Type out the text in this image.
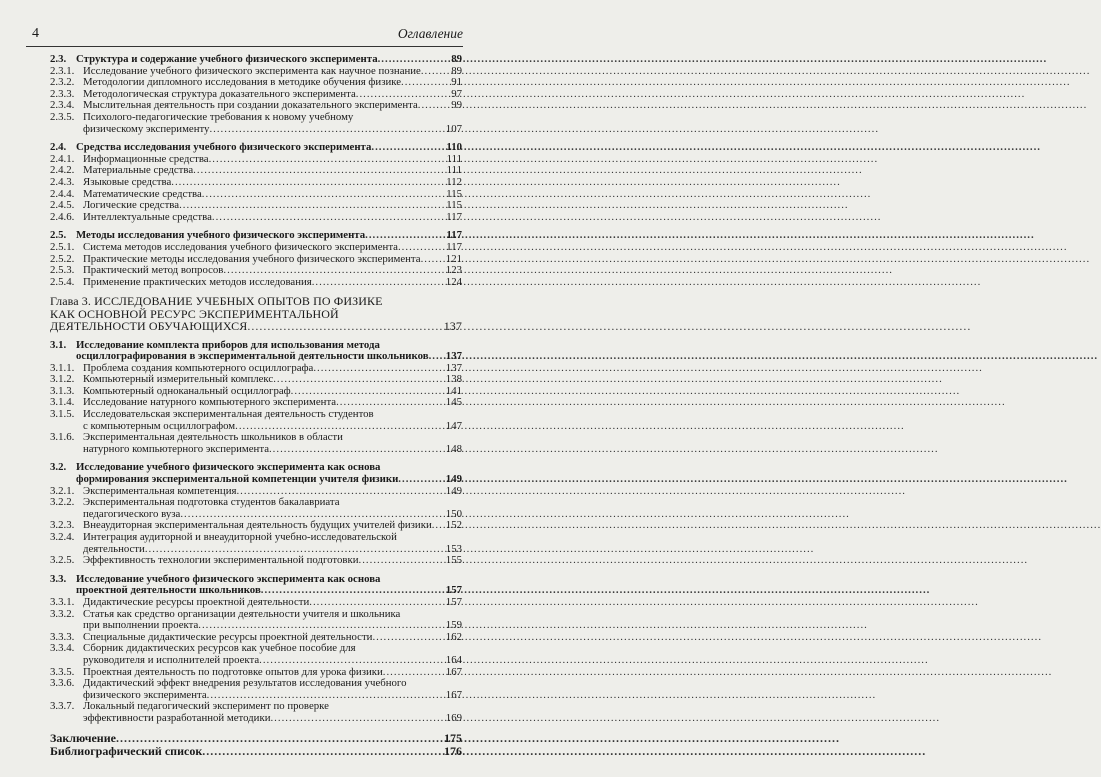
4	Оглавление
2.3. Структура и содержание учебного физического эксперимента .....	89
2.3.1. Исследование учебного физического эксперимента как научное познание .....	89
2.3.2. Методологии дипломного исследования в методике обучения физике .....	91
2.3.3. Методологическая структура доказательного эксперимента .....	97
2.3.4. Мыслительная деятельность при создании доказательного эксперимента .....	99
2.3.5. Психолого-педагогические требования к новому учебному
физическому эксперименту .....	107
2.4. Средства исследования учебного физического эксперимента .....	110
2.4.1. Информационные средства .....	111
2.4.2. Материальные средства .....	111
2.4.3. Языковые средства .....	112
2.4.4. Математические средства .....	115
2.4.5. Логические средства .....	115
2.4.6. Интеллектуальные средства .....	117
2.5. Методы исследования учебного физического эксперимента .....	117
2.5.1. Система методов исследования учебного физического эксперимента .....	117
2.5.2. Практические методы исследования учебного физического эксперимента ..... 121
2.5.3. Практический метод вопросов .....	123
2.5.4. Применение практических методов исследования .....	124
Глава 3. ИССЛЕДОВАНИЕ УЧЕБНЫХ ОПЫТОВ ПО ФИЗИКЕ
КАК ОСНОВНОЙ РЕСУРС ЭКСПЕРИМЕНТАЛЬНОЙ
ДЕЯТЕЛЬНОСТИ ОБУЧАЮЩИХСЯ .....	137
3.1. Исследование комплекта приборов для использования метода
осциллографирования в экспериментальной деятельности школьников ..... 137
3.1.1. Проблема создания компьютерного осциллографа .....	137
3.1.2. Компьютерный измерительный комплекс .....	138
3.1.3. Компьютерный одноканальный осциллограф .....	141
3.1.4. Исследование натурного компьютерного эксперимента .....	145
3.1.5. Исследовательская экспериментальная деятельность студентов
с компьютерным осциллографом .....	147
3.1.6. Экспериментальная деятельность школьников в области
натурного компьютерного эксперимента .....	148
3.2. Исследование учебного физического эксперимента как основа
формирования экспериментальной компетенции учителя физики .....	149
3.2.1. Экспериментальная компетенция .....	149
3.2.2. Экспериментальная подготовка студентов бакалавриата
педагогического вуза .....	150
3.2.3. Внеаудиторная экспериментальная деятельность будущих учителей физики ..... 152
3.2.4. Интеграция аудиторной и внеаудиторной учебно-исследовательской
деятельности .....	153
3.2.5. Эффективность технологии экспериментальной подготовки .....	155
3.3. Исследование учебного физического эксперимента как основа
проектной деятельности школьников .....	157
3.3.1. Дидактические ресурсы проектной деятельности .....	157
3.3.2. Статья как средство организации деятельности учителя и школьника
при выполнении проекта .....	159
3.3.3. Специальные дидактические ресурсы проектной деятельности .....	162
3.3.4. Сборник дидактических ресурсов как учебное пособие для
руководителя и исполнителей проекта .....	164
3.3.5. Проектная деятельность по подготовке опытов для урока физики .....	167
3.3.6. Дидактический эффект внедрения результатов исследования учебного
физического эксперимента .....	167
3.3.7. Локальный педагогический эксперимент по проверке
эффективности разработанной методики .....	169
Заключение .....	175
Библиографический список .....	176
